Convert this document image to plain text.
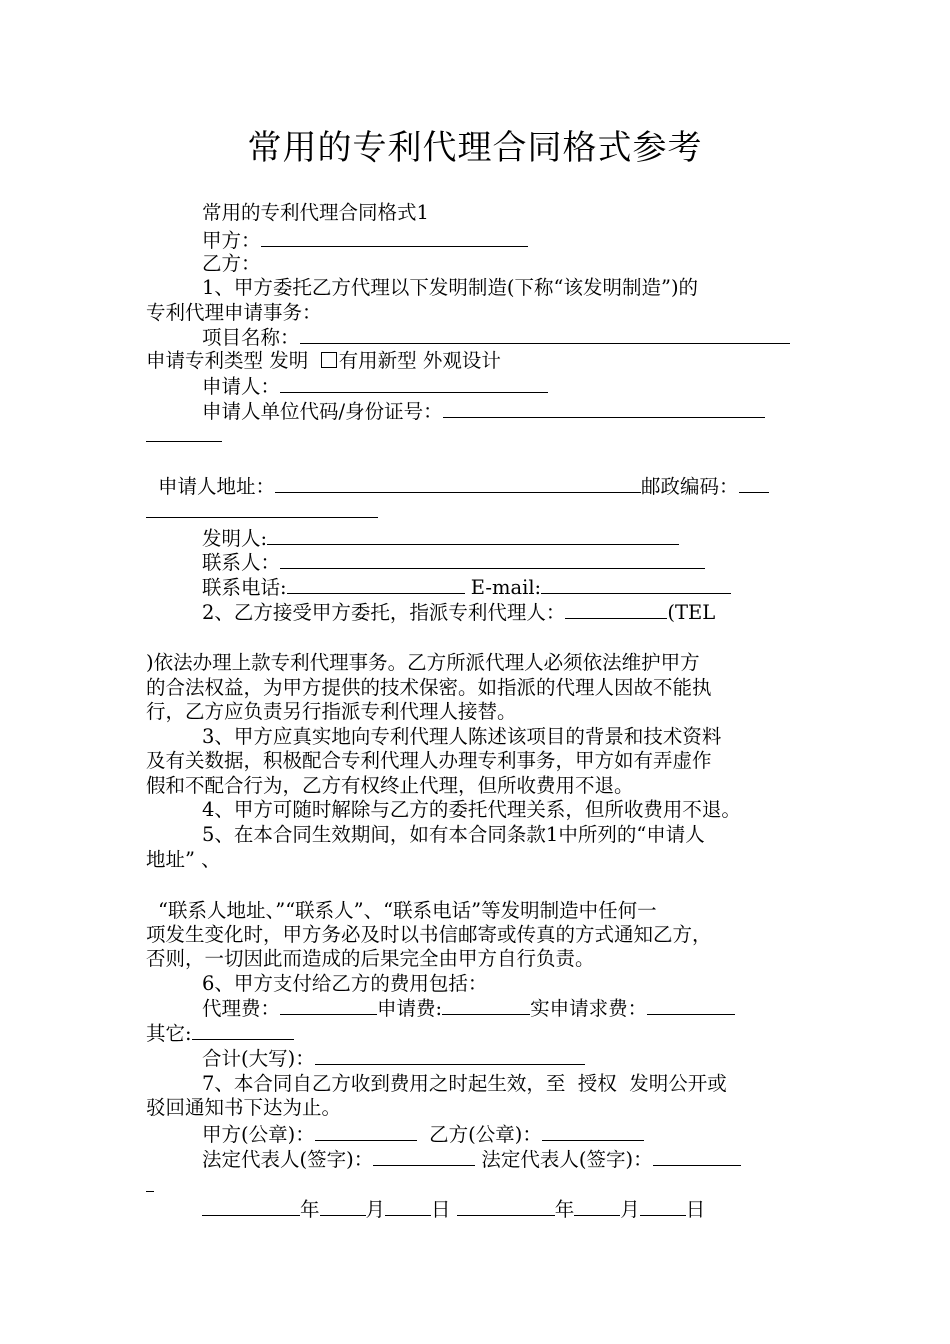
常用的专利代理合同格式参考
常用的专利代理合同格式1
甲方：
乙方：
1、甲方委托乙方代理以下发明制造(下称“该发明制造”)的
专利代理申请事务：
项目名称：
申请专利类型 发明 有用新型 外观设计
申请人：
申请人单位代码/身份证号：
申请人地址：	邮政编码：
发明人:
联系人：
联系电话:	E-mail:
2、乙方接受甲方委托，指派专利代理人：	(TEL
)依法办理上款专利代理事务。乙方所派代理人必须依法维护甲方
的合法权益，为甲方提供的技术保密。如指派的代理人因故不能执
行，乙方应负责另行指派专利代理人接替。
3、甲方应真实地向专利代理人陈述该项目的背景和技术资料
及有关数据，积极配合专利代理人办理专利事务，甲方如有弄虚作
假和不配合行为，乙方有权终止代理，但所收费用不退。
4、甲方可随时解除与乙方的委托代理关系，但所收费用不退。
5、在本合同生效期间，如有本合同条款1中所列的“申请人
地址” 、
“联系人地址、”“联系人”、“联系电话”等发明制造中任何一
项发生变化时，甲方务必及时以书信邮寄或传真的方式通知乙方，
否则，一切因此而造成的后果完全由甲方自行负责。
6、甲方支付给乙方的费用包括：
代理费：	申请费:	实申请求费：
其它:
合计(大写)：
7、本合同自乙方收到费用之时起生效，至  授权  发明公开或
驳回通知书下达为止。
甲方(公章)：	乙方(公章)：
法定代表人(签字)：	法定代表人(签字)：
年 月 日	年 月 日
